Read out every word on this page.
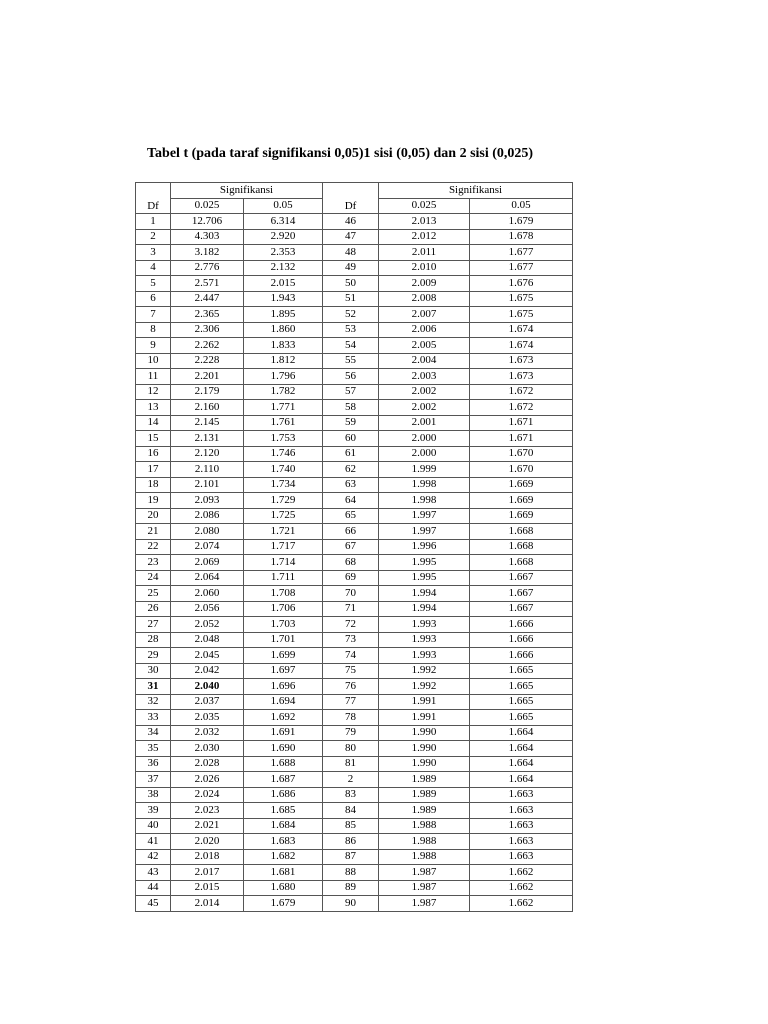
Tabel t (pada taraf signifikansi 0,05)1 sisi (0,05) dan 2 sisi (0,025)
Df	Signifikansi		Df	Signifikansi	
	0.025	0.05		0.025	0.05
1	12.706	6.314	46	2.013	1.679
2	4.303	2.920	47	2.012	1.678
3	3.182	2.353	48	2.011	1.677
4	2.776	2.132	49	2.010	1.677
5	2.571	2.015	50	2.009	1.676
6	2.447	1.943	51	2.008	1.675
7	2.365	1.895	52	2.007	1.675
8	2.306	1.860	53	2.006	1.674
9	2.262	1.833	54	2.005	1.674
10	2.228	1.812	55	2.004	1.673
11	2.201	1.796	56	2.003	1.673
12	2.179	1.782	57	2.002	1.672
13	2.160	1.771	58	2.002	1.672
14	2.145	1.761	59	2.001	1.671
15	2.131	1.753	60	2.000	1.671
16	2.120	1.746	61	2.000	1.670
17	2.110	1.740	62	1.999	1.670
18	2.101	1.734	63	1.998	1.669
19	2.093	1.729	64	1.998	1.669
20	2.086	1.725	65	1.997	1.669
21	2.080	1.721	66	1.997	1.668
22	2.074	1.717	67	1.996	1.668
23	2.069	1.714	68	1.995	1.668
24	2.064	1.711	69	1.995	1.667
25	2.060	1.708	70	1.994	1.667
26	2.056	1.706	71	1.994	1.667
27	2.052	1.703	72	1.993	1.666
28	2.048	1.701	73	1.993	1.666
29	2.045	1.699	74	1.993	1.666
30	2.042	1.697	75	1.992	1.665
31	2.040	1.696	76	1.992	1.665
32	2.037	1.694	77	1.991	1.665
33	2.035	1.692	78	1.991	1.665
34	2.032	1.691	79	1.990	1.664
35	2.030	1.690	80	1.990	1.664
36	2.028	1.688	81	1.990	1.664
37	2.026	1.687	2	1.989	1.664
38	2.024	1.686	83	1.989	1.663
39	2.023	1.685	84	1.989	1.663
40	2.021	1.684	85	1.988	1.663
41	2.020	1.683	86	1.988	1.663
42	2.018	1.682	87	1.988	1.663
43	2.017	1.681	88	1.987	1.662
44	2.015	1.680	89	1.987	1.662
45	2.014	1.679	90	1.987	1.662
